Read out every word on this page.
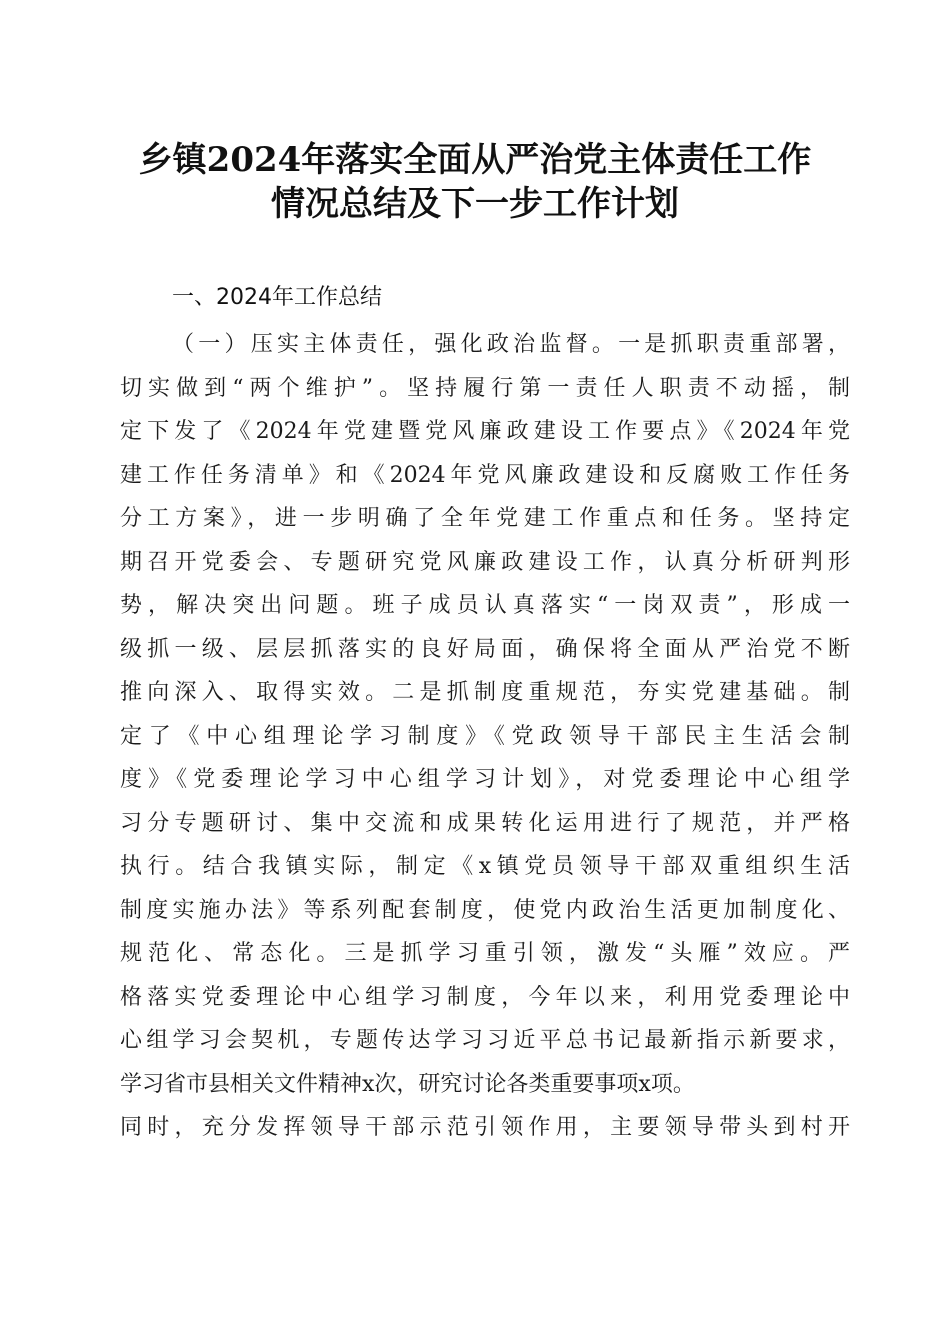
乡镇2024年落实全面从严治党主体责任工作
情况总结及下一步工作计划
一、2024年工作总结
（一）压实主体责任，强化政治监督。一是抓职责重部署，
切实做到“两个维护”。坚持履行第一责任人职责不动摇，制
定下发了《2024年党建暨党风廉政建设工作要点》《2024年党
建工作任务清单》和《2024年党风廉政建设和反腐败工作任务
分工方案》，进一步明确了全年党建工作重点和任务。坚持定
期召开党委会、专题研究党风廉政建设工作，认真分析研判形
势，解决突出问题。班子成员认真落实“一岗双责”，形成一
级抓一级、层层抓落实的良好局面，确保将全面从严治党不断
推向深入、取得实效。二是抓制度重规范，夯实党建基础。制
定了《中心组理论学习制度》《党政领导干部民主生活会制
度》《党委理论学习中心组学习计划》，对党委理论中心组学
习分专题研讨、集中交流和成果转化运用进行了规范，并严格
执行。结合我镇实际，制定《x镇党员领导干部双重组织生活
制度实施办法》等系列配套制度，使党内政治生活更加制度化、
规范化、常态化。三是抓学习重引领，激发“头雁”效应。严
格落实党委理论中心组学习制度，今年以来，利用党委理论中
心组学习会契机，专题传达学习习近平总书记最新指示新要求，
学习省市县相关文件精神x次，研究讨论各类重要事项x项。
同时，充分发挥领导干部示范引领作用，主要领导带头到村开
